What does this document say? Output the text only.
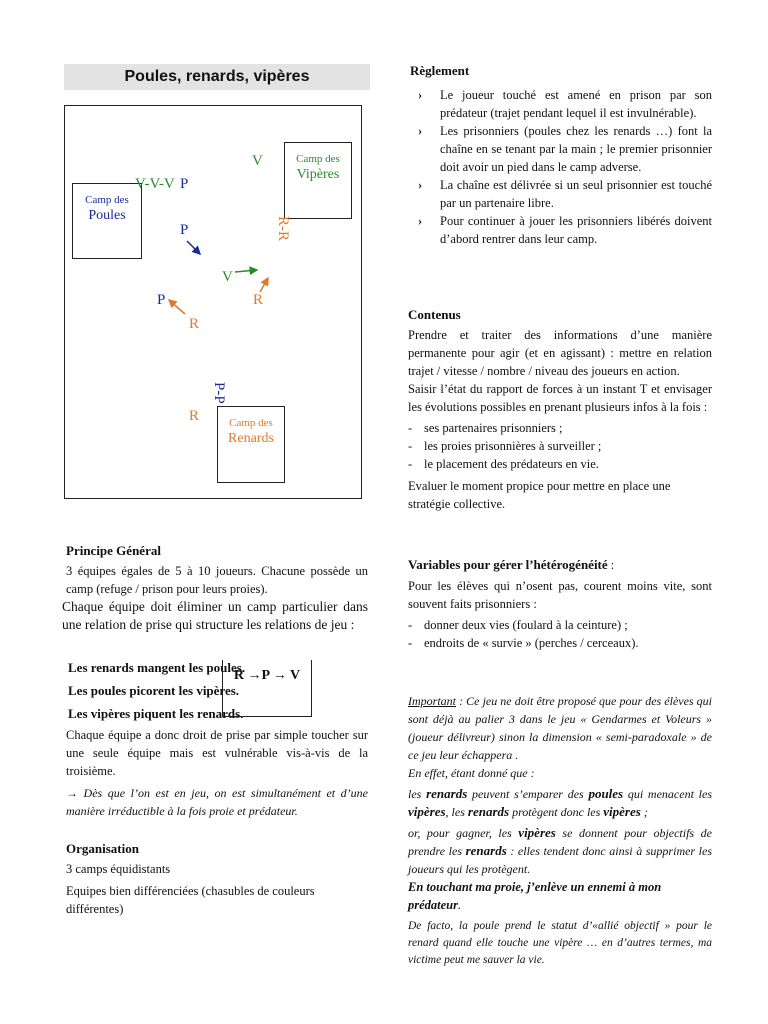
Poules, renards, vipères
Camp des
Poules
Camp des
Vipères
Camp des
Renards
V-V-V P
V
P	R-R
V
R
P
R
P-P
R
Principe Général
3 équipes égales de 5 à 10 joueurs. Chacune possède un camp (refuge / prison pour leurs proies).
Chaque équipe doit éliminer un camp particulier dans une relation de prise qui structure les relations de jeu :
Les renards mangent les poules.
Les poules picorent les vipères.
Les vipères piquent les renards.
R →P → V
Chaque équipe a donc droit de prise par simple toucher sur une seule équipe mais est vulnérable vis-à-vis de la troisième.
→ Dès que l’on est en jeu, on est simultanément et d’une manière irréductible à la fois proie et prédateur.
Organisation
3 camps équidistants
Equipes bien différenciées (chasubles de couleurs différentes)
Règlement
› Le joueur touché est amené en prison par son prédateur (trajet pendant lequel il est invulnérable).
› Les prisonniers (poules chez les renards …) font la chaîne en se tenant par la main ; le premier prisonnier doit avoir un pied dans le camp adverse.
› La chaîne est délivrée si un seul prisonnier est touché par un partenaire libre.
› Pour continuer à jouer les prisonniers libérés doivent d’abord rentrer dans leur camp.
Contenus
Prendre et traiter des informations d’une manière permanente pour agir (et en agissant) : mettre en relation trajet / vitesse / nombre / niveau des joueurs en action.
Saisir l’état du rapport de forces à un instant T et envisager les évolutions possibles en prenant plusieurs infos à la fois :
- ses partenaires prisonniers ;
- les proies prisonnières à surveiller ;
- le placement des prédateurs en vie.
Evaluer le moment propice pour mettre en place une stratégie collective.
Variables pour gérer l’hétérogénéité :
Pour les élèves qui n’osent pas, courent moins vite, sont souvent faits prisonniers :
- donner deux vies (foulard à la ceinture) ;
- endroits de « survie » (perches / cerceaux).
Important : Ce jeu ne doit être proposé que pour des élèves qui sont déjà au palier 3 dans le jeu « Gendarmes et Voleurs » (joueur délivreur) sinon la dimension « semi-paradoxale » de ce jeu leur échappera .
En effet, étant donné que :
les renards peuvent s’emparer des poules qui menacent les vipères, les renards protègent donc les vipères ;
or, pour gagner, les vipères se donnent pour objectifs de prendre les renards : elles tendent donc ainsi à supprimer les joueurs qui les protègent.
En touchant ma proie, j’enlève un ennemi à mon prédateur.
De facto, la poule prend le statut d’«allié objectif » pour le renard quand elle touche une vipère … en d’autres termes, ma victime peut me sauver la vie.
